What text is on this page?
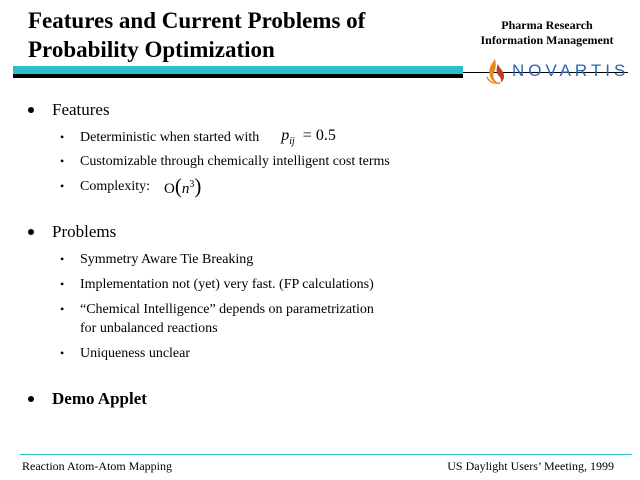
Features and Current Problems of
Probability Optimization
Pharma Research
Information Management
NOVARTIS
Features
•	Deterministic when started with $p_{ij} = 0.5$
•	Customizable through chemically intelligent cost terms
•	Complexity: $O(n^3)$
Problems
•	Symmetry Aware Tie Breaking
•	Implementation not (yet) very fast. (FP calculations)
•	“Chemical Intelligence” depends on parametrization
for unbalanced reactions
•	Uniqueness unclear
Demo Applet
Reaction Atom-Atom Mapping	US Daylight Users’ Meeting, 1999
